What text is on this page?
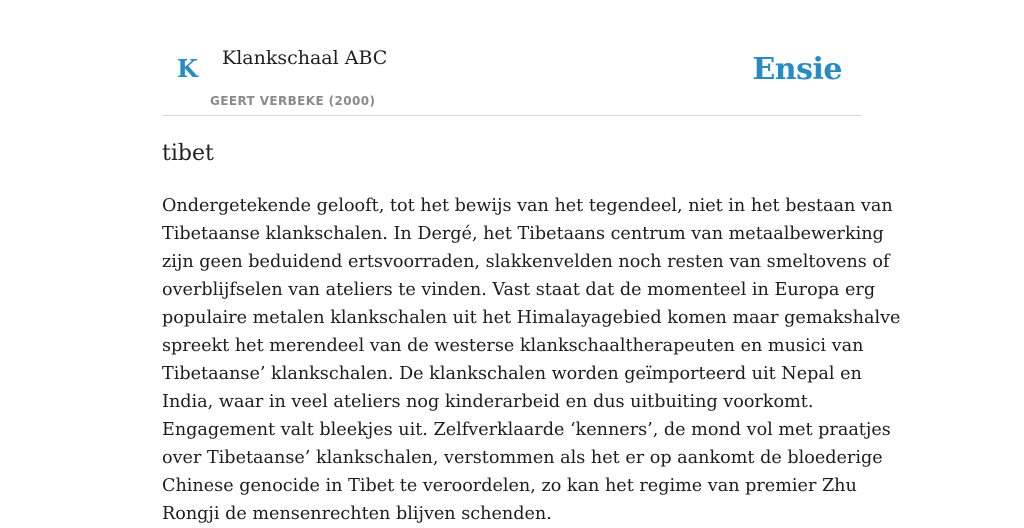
K Klankschaal ABC
GEERT VERBEKE (2000)
Ensie
tibet

Ondergetekende gelooft, tot het bewijs van het tegendeel, niet in het bestaan van
Tibetaanse klankschalen. In Dergé, het Tibetaans centrum van metaalbewerking
zijn geen beduidend ertsvoorraden, slakkenvelden noch resten van smeltovens of
overblijfselen van ateliers te vinden. Vast staat dat de momenteel in Europa erg
populaire metalen klankschalen uit het Himalayagebied komen maar gemakshalve
spreekt het merendeel van de westerse klankschaaltherapeuten en musici van
Tibetaanse’ klankschalen. De klankschalen worden geïmporteerd uit Nepal en
India, waar in veel ateliers nog kinderarbeid en dus uitbuiting voorkomt.
Engagement valt bleekjes uit. Zelfverklaarde ‘kenners’, de mond vol met praatjes
over Tibetaanse’ klankschalen, verstommen als het er op aankomt de bloederige
Chinese genocide in Tibet te veroordelen, zo kan het regime van premier Zhu
Rongji de mensenrechten blijven schenden.
